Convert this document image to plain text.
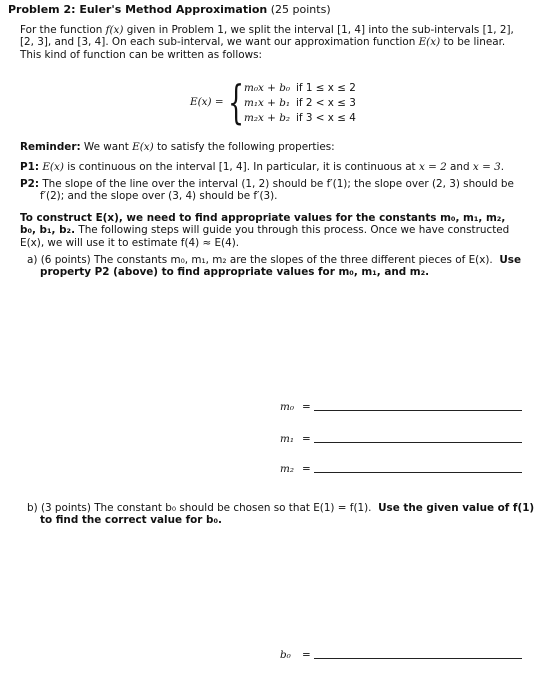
Problem 2: Euler's Method Approximation (25 points)
For the function f(x) given in Problem 1, we split the interval [1, 4] into the sub-intervals [1, 2], [2, 3], and [3, 4]. On each sub-interval, we want our approximation function E(x) to be linear. This kind of function can be written as follows:
E(x) = { m₀x + b₀ if 1 ≤ x ≤ 2
m₁x + b₁ if 2 < x ≤ 3
m₂x + b₂ if 3 < x ≤ 4
Reminder: We want E(x) to satisfy the following properties:
P1: E(x) is continuous on the interval [1, 4]. In particular, it is continuous at x = 2 and x = 3.
P2: The slope of the line over the interval (1, 2) should be f′(1); the slope over (2, 3) should be f′(2); and the slope over (3, 4) should be f′(3).
To construct E(x), we need to find appropriate values for the constants m₀, m₁, m₂, b₀, b₁, b₂. The following steps will guide you through this process. Once we have constructed E(x), we will use it to estimate f(4) ≈ E(4).
a) (6 points) The constants m₀, m₁, m₂ are the slopes of the three different pieces of E(x). Use property P2 (above) to find appropriate values for m₀, m₁, and m₂.
m₀ =
m₁ =
m₂ =
b) (3 points) The constant b₀ should be chosen so that E(1) = f(1). Use the given value of f(1) to find the correct value for b₀.
b₀ =
